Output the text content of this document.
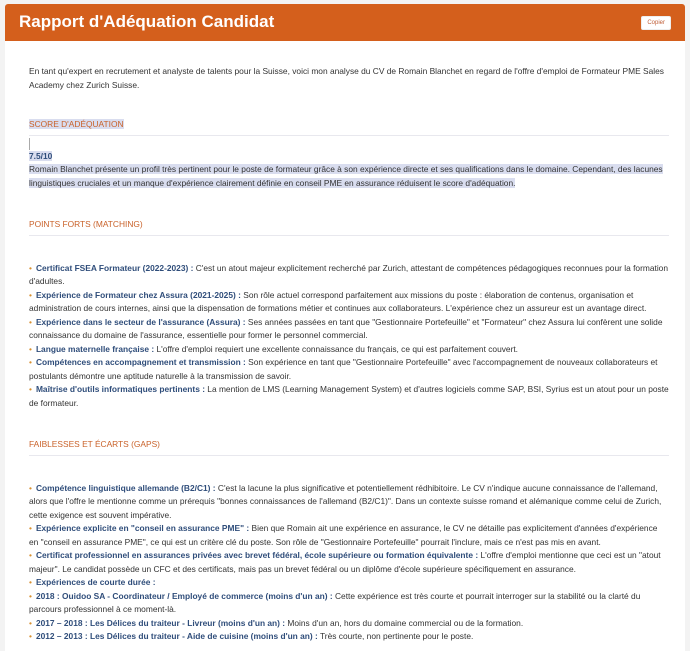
Rapport d'Adéquation Candidat	Copier

En tant qu'expert en recrutement et analyste de talents pour la Suisse, voici mon analyse du CV de Romain Blanchet en regard de l'offre d'emploi de Formateur PME Sales Academy chez Zurich Suisse.

SCORE D'ADÉQUATION
7.5/10

Romain Blanchet présente un profil très pertinent pour le poste de formateur grâce à son expérience directe et ses qualifications dans le domaine. Cependant, des lacunes linguistiques cruciales et un manque d'expérience clairement définie en conseil PME en assurance réduisent le score d'adéquation.

POINTS FORTS (MATCHING)
• Certificat FSEA Formateur (2022-2023) : C'est un atout majeur explicitement recherché par Zurich, attestant de compétences pédagogiques reconnues pour la formation d'adultes.
• Expérience de Formateur chez Assura (2021-2025) : Son rôle actuel correspond parfaitement aux missions du poste : élaboration de contenus, organisation et administration de cours internes, ainsi que la dispensation de formations métier et continues aux collaborateurs. L'expérience chez un assureur est un avantage direct.
• Expérience dans le secteur de l'assurance (Assura) : Ses années passées en tant que "Gestionnaire Portefeuille" et "Formateur" chez Assura lui confèrent une solide connaissance du domaine de l'assurance, essentielle pour former le personnel commercial.
• Langue maternelle française : L'offre d'emploi requiert une excellente connaissance du français, ce qui est parfaitement couvert.
• Compétences en accompagnement et transmission : Son expérience en tant que "Gestionnaire Portefeuille" avec l'accompagnement de nouveaux collaborateurs et postulants démontre une aptitude naturelle à la transmission de savoir.
• Maîtrise d'outils informatiques pertinents : La mention de LMS (Learning Management System) et d'autres logiciels comme SAP, BSI, Syrius est un atout pour un poste de formateur.
FAIBLESSES ET ÉCARTS (GAPS)
• Compétence linguistique allemande (B2/C1) : C'est la lacune la plus significative et potentiellement rédhibitoire. Le CV n'indique aucune connaissance de l'allemand, alors que l'offre le mentionne comme un prérequis "bonnes connaissances de l'allemand (B2/C1)". Dans un contexte suisse romand et alémanique comme celui de Zurich, cette exigence est souvent impérative.
• Expérience explicite en "conseil en assurance PME" : Bien que Romain ait une expérience en assurance, le CV ne détaille pas explicitement d'années d'expérience en "conseil en assurance PME", ce qui est un critère clé du poste. Son rôle de "Gestionnaire Portefeuille" pourrait l'inclure, mais ce n'est pas mis en avant.
• Certificat professionnel en assurances privées avec brevet fédéral, école supérieure ou formation équivalente : L'offre d'emploi mentionne que ceci est un "atout majeur". Le candidat possède un CFC et des certificats, mais pas un brevet fédéral ou un diplôme d'école supérieure spécifiquement en assurance.
• Expériences de courte durée :
• 2018 : Ouidoo SA - Coordinateur / Employé de commerce (moins d'un an) : Cette expérience est très courte et pourrait interroger sur la stabilité ou la clarté du parcours professionnel à ce moment-là.
• 2017 – 2018 : Les Délices du traiteur - Livreur (moins d'un an) : Moins d'un an, hors du domaine commercial ou de la formation.
• 2012 – 2013 : Les Délices du traiteur - Aide de cuisine (moins d'un an) : Très courte, non pertinente pour le poste.
